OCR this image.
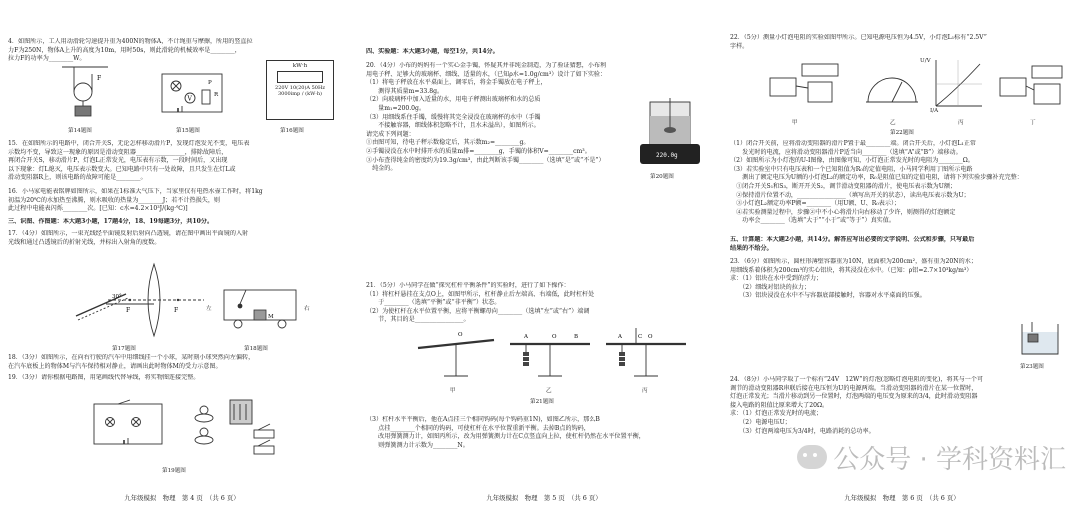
4．如图所示，工人用动滑轮匀速提升重为400N的物体A，不计绳重与摩擦，所用的竖直拉
力F为250N，物体A上升的高度为10m，用时50s，则此滑轮的机械效率是________，
拉力F的功率为________W。
F
第14题图
V
R
P
第15题图
kW·h
220V 10(20)A 50Hz
3000imp / (kW·h)
第16题图
15．在如图所示的电路中，闭合开关S，无论怎样移动滑片P，发现灯泡发光不变，电压表
示数均不变，导致这一现象的原因是滑动变阻器________________，排除故障后，
再闭合开关S，移动滑片P，灯泡L正常发光，电压表有示数，一段时间后，又出现
以下现象：灯L熄灭，电压表示数变大。已知电路中只有一处故障，且只发生在灯L或
滑动变阻器R上，则该电路的故障可能是________。
16．小马家电能表铭牌如图所示，如果在1标准大气压下，当家里仅有电热水壶工作时，将1kg
初温为20℃的水加热至沸腾，则水吸收的热量为________J；若不计热损失，则
此过程中电能表闪烁________次。[已知：c水=4.2×10³J/(kg·℃)]
三、识图、作图题：本大题3小题，17题4分，18、19每题3分，共10分。
17．（4分）如图所示，一束光线经平面镜反射后射向凸透镜，请在图中画出平面镜的入射
光线和通过凸透镜后的折射光线，并标出入射角的度数。
F	F
30°
第17题图
左	右
M
第18题图
18．（3分）如图所示，在向右行驶的汽车中用细线挂一个小球，某时刻小球突然向左偏转，
在汽车底板上的物体M与汽车保持相对静止，请画出此时物体M的受力示意图。
19．（3分）请你根据电路图，用笔画线代替导线，将实物图连接完整。
第19题图
九年级模拟　物理　第 4 页　（共 6 页）
四、实验题：本大题3小题，每空1分，共14分。
20．（4分）小布的妈妈有一个实心金手镯，怀疑其并非纯金制造，为了验证猜想，小布利
用电子秤、足够大的玻璃杯、细线、适量的水，（已知ρ水=1.0g/cm³）设计了如下实验：
（1）将电子秤放在水平桌面上，调零后，将金手镯放在电子秤上，
　　测得其质量m=33.8g。
（2）向玻璃杯中加入适量的水，用电子秤测出玻璃杯和水的总质
　　量m₁=200.0g。
（3）用细线系住手镯，缓慢将其完全浸没在玻璃杯的水中（手镯
　　不接触容器，细线体积忽略不计，且水未溢出），如图所示。
请完成下列问题：
①由图可知，待电子秤示数稳定后，其示数m₂=________g。
②手镯浸没在水中时排开水的质量m排=________g，手镯的体积V=________cm³。
③小布查得纯金的密度约为19.3g/cm³，由此判断该手镯________（选填“是”或“不是”）
　纯金的。
220.0g
第20题图
21．（5分）小马同学在做“探究杠杆平衡条件”的实验时，进行了如下操作：
（1）将杠杆悬挂在支点O上，如图甲所示，杠杆静止后左端高、右端低，此时杠杆处
　　于________（选填“平衡”或“非平衡”）状态。
（2）为使杠杆在水平位置平衡，应将平衡螺母向________（选填“左”或“右”）端调
　　节，其目的是________________。
O	A	O	B	A	C O
甲	乙	丙
第21题图
（3）杠杆水平平衡后，他在A点挂三个相同钩码(每个钩码重1N)，如图乙所示，那么B
　　点挂________个相同的钩码，可使杠杆在水平位置重新平衡。去掉B点的钩码，
　　改用弹簧测力计，如图丙所示，改为用弹簧测力计在C点竖直向上拉，使杠杆仍然在水平位置平衡，
　　则弹簧测力计示数为________N。
九年级模拟　物理　第 5 页　（共 6 页）
22．（5分）测量小灯泡电阻的实验如图甲所示。已知电源电压恒为4.5V，小灯泡L₁标有“2.5V”
字样。
I/A
U/V
甲	乙	丙	丁
第22题图
（1）闭合开关前，应将滑动变阻器的滑片P置于最________端。闭合开关后，小灯泡L₁正常
　　发光时的电流，应将滑动变阻器滑片P适当向________（选填“A”或“B”）端移动。
（2）如图所示为小灯泡的U-I图像，由图像可知，小灯泡正常发光时的电阻为________Ω。
（3）若实验室中只有电压表和一个已知阻值为R₀的定值电阻，小马同学利用丁图所示电路
　　测出了额定电压为U额的小灯泡L₂的额定功率，R₀是阻值已知的定值电阻，请将下列实验步骤补充完整：
　①闭合开关S₁和S₃，断开开关S₂，调节滑动变阻器的滑片，使电压表示数为U额；
　②保持滑片位置不动，________________（填写出开关的状态），读出电压表示数为U；
　③小灯泡L₂额定功率P额=________（用U额、U、R₀表示）；
　④若实验测量过程中，步骤②中不小心将滑片向右移动了少许，则测得的灯泡额定
　　功率会________（选填“大于”“小于”或“等于”）真实值。
五、计算题：本大题2小题，共14分。解答应写出必要的文字说明、公式和步骤，只写最后
结果的不给分。
23．（6分）如图所示，圆柱形薄壁容器重为10N，底面积为200cm²，盛有重为20N的水；
用细线系着体积为200cm³的实心铝块，将其浸没在水中。（已知：ρ铝=2.7×10³kg/m³）
求：（1）铝块在水中受到的浮力；
　　（2）细线对铝块的拉力；
　　（3）铝块浸没在水中不与容器底部接触时，容器对水平桌面的压强。
第23题图
24．（8分）小马同学取了一个标有“24V　12W”的灯泡(忽略灯泡电阻的变化)，将其与一个可
调节的滑动变阻器R串联后接在电压恒为U的电源两端。当滑动变阻器的滑片在某一位置时，
灯泡正常发光；当滑片移动到另一位置时，灯泡两端的电压变为原来的3/4，此时滑动变阻器
接入电路的阻值比原来增大了20Ω。
求：（1）灯泡正常发光时的电流；
　　（2）电源电压U；
　　（3）灯泡两端电压为3/4时，电路消耗的总功率。
九年级模拟　物理　第 6 页　（共 6 页）
公众号 · 学科资料汇
